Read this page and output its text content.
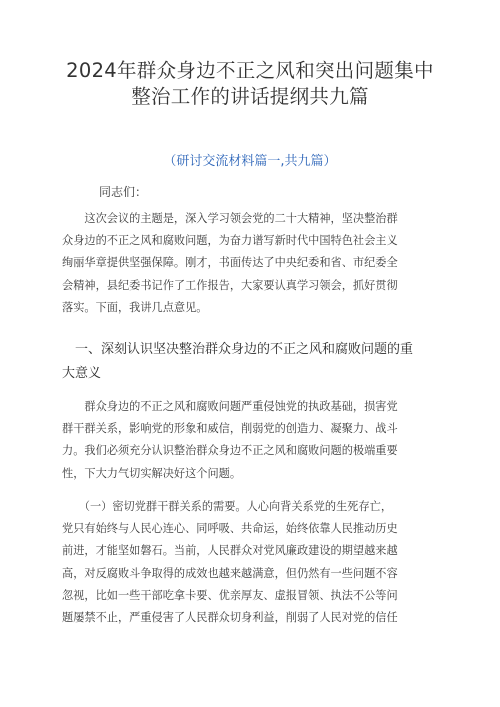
2024年群众身边不正之风和突出问题集中
整治工作的讲话提纲共九篇
（研讨交流材料篇一,共九篇）
同志们：
　　这次会议的主题是，深入学习领会党的二十大精神，坚决整治群
众身边的不正之风和腐败问题，为奋力谱写新时代中国特色社会主义
绚丽华章提供坚强保障。刚才，书面传达了中央纪委和省、市纪委全
会精神，县纪委书记作了工作报告，大家要认真学习领会，抓好贯彻
落实。下面，我讲几点意见。
　一、深刻认识坚决整治群众身边的不正之风和腐败问题的重
大意义
　　群众身边的不正之风和腐败问题严重侵蚀党的执政基础，损害党
群干群关系，影响党的形象和威信，削弱党的创造力、凝聚力、战斗
力。我们必须充分认识整治群众身边不正之风和腐败问题的极端重要
性，下大力气切实解决好这个问题。
　　（一）密切党群干群关系的需要。人心向背关系党的生死存亡，
党只有始终与人民心连心、同呼吸、共命运，始终依靠人民推动历史
前进，才能坚如磐石。当前，人民群众对党风廉政建设的期望越来越
高，对反腐败斗争取得的成效也越来越满意，但仍然有一些问题不容
忽视，比如一些干部吃拿卡要、优亲厚友、虚报冒领、执法不公等问
题屡禁不止，严重侵害了人民群众切身利益，削弱了人民对党的信任
